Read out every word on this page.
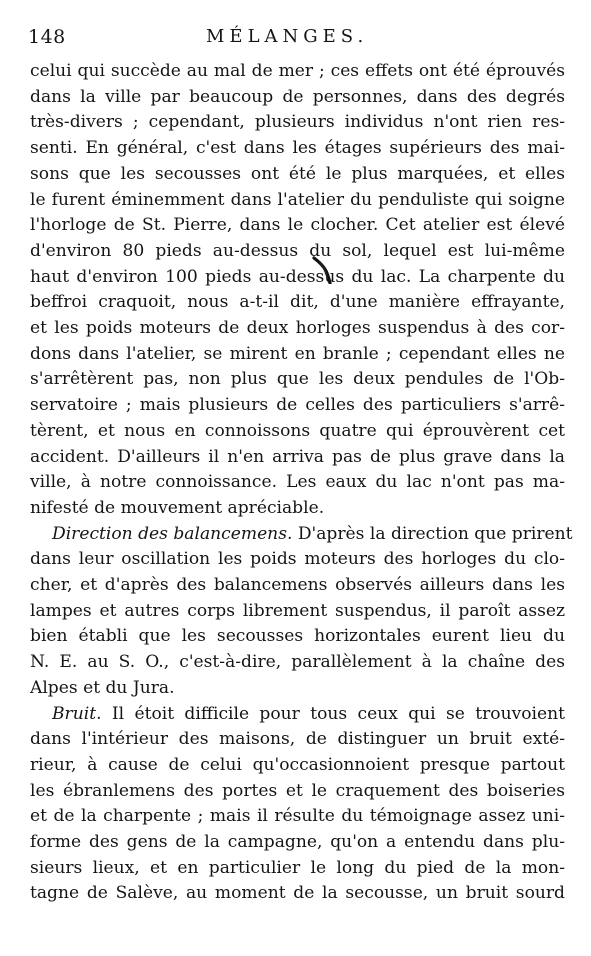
148	MÉLANGES.
celui qui succède au mal de mer ; ces effets ont été éprouvés
dans la ville par beaucoup de personnes, dans des degrés
très-divers ; cependant, plusieurs individus n'ont rien res-
senti. En général, c'est dans les étages supérieurs des mai-
sons que les secousses ont été le plus marquées, et elles
le furent éminemment dans l'atelier du penduliste qui soigne
l'horloge de St. Pierre, dans le clocher. Cet atelier est élevé
d'environ 80 pieds au-dessus du sol, lequel est lui-même
haut d'environ 100 pieds au-dessus du lac. La charpente du
beffroi craquoit, nous a-t-il dit, d'une manière effrayante,
et les poids moteurs de deux horloges suspendus à des cor-
dons dans l'atelier, se mirent en branle ; cependant elles ne
s'arrêtèrent pas, non plus que les deux pendules de l'Ob-
servatoire ; mais plusieurs de celles des particuliers s'arrê-
tèrent, et nous en connoissons quatre qui éprouvèrent cet
accident. D'ailleurs il n'en arriva pas de plus grave dans la
ville, à notre connoissance. Les eaux du lac n'ont pas ma-
nifesté de mouvement apréciable.
Direction des balancemens. D'après la direction que prirent
dans leur oscillation les poids moteurs des horloges du clo-
cher, et d'après des balancemens observés ailleurs dans les
lampes et autres corps librement suspendus, il paroît assez
bien établi que les secousses horizontales eurent lieu du
N. E. au S. O., c'est-à-dire, parallèlement à la chaîne des
Alpes et du Jura.
Bruit. Il étoit difficile pour tous ceux qui se trouvoient
dans l'intérieur des maisons, de distinguer un bruit exté-
rieur, à cause de celui qu'occasionnoient presque partout
les ébranlemens des portes et le craquement des boiseries
et de la charpente ; mais il résulte du témoignage assez uni-
forme des gens de la campagne, qu'on a entendu dans plu-
sieurs lieux, et en particulier le long du pied de la mon-
tagne de Salève, au moment de la secousse, un bruit sourd
